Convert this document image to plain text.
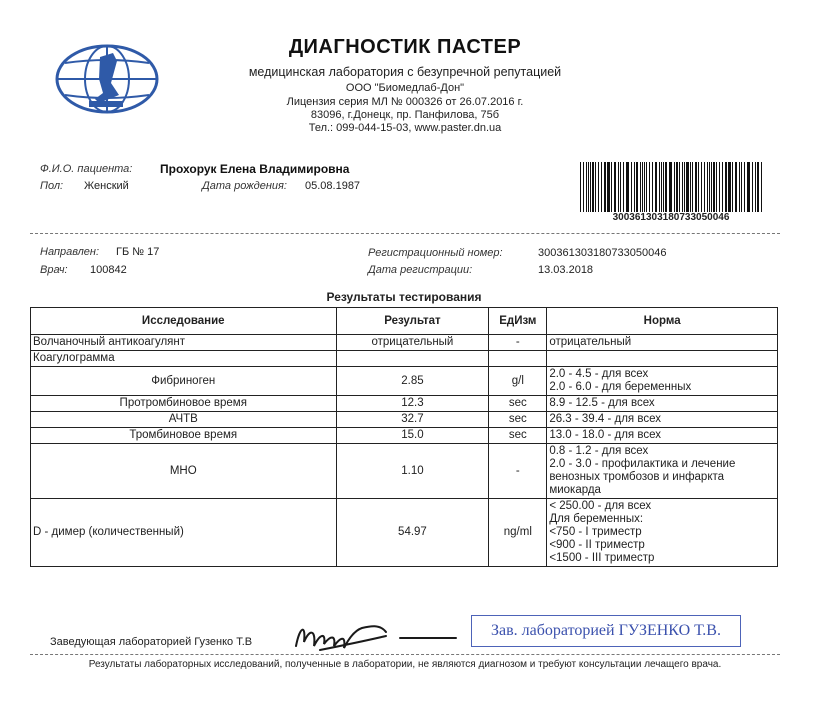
ДИАГНОСТИК ПАСТЕР
медицинская лаборатория с безупречной репутацией
ООО "Биомедлаб-Дон"
Лицензия серия МЛ № 000326 от 26.07.2016 г.
83096, г.Донецк, пр. Панфилова, 75б
Тел.: 099-044-15-03, www.paster.dn.ua
Ф.И.О. пациента: Прохорук Елена Владимировна
Пол: Женский	Дата рождения: 05.08.1987
300361303180733050046
Направлен: ГБ № 17
Врач: 100842
Регистрационный номер:	300361303180733050046
Дата регистрации:	13.03.2018
Результаты тестирования
Исследование	Результат	ЕдИзм	Норма
Волчаночный антикоагулянт	отрицательный	-	отрицательный

Коагулограмма			
Фибриноген	2.85	g/l	2.0 - 4.5 - для всех
2.0 - 6.0 - для беременных

Протромбиновое время	12.3	sec	8.9 - 12.5 - для всех

АЧТВ	32.7	sec	26.3 - 39.4 - для всех

Тромбиновое время	15.0	sec	13.0 - 18.0 - для всех

МНО	1.10	-	0.8 - 1.2 - для всех
2.0 - 3.0 - профилактика и лечение венозных тромбозов и инфаркта миокарда

D - димер (количественный)	54.97	ng/ml	< 250.00 - для всех
Для беременных:
<750 - I триместр
<900 - II триместр
<1500 - III триместр
Заведующая лабораторией Гузенко Т.В
Зав. лабораторией ГУЗЕНКО Т.В.
Результаты лабораторных исследований, полученные в лаборатории, не являются диагнозом и требуют консультации лечащего врача.
